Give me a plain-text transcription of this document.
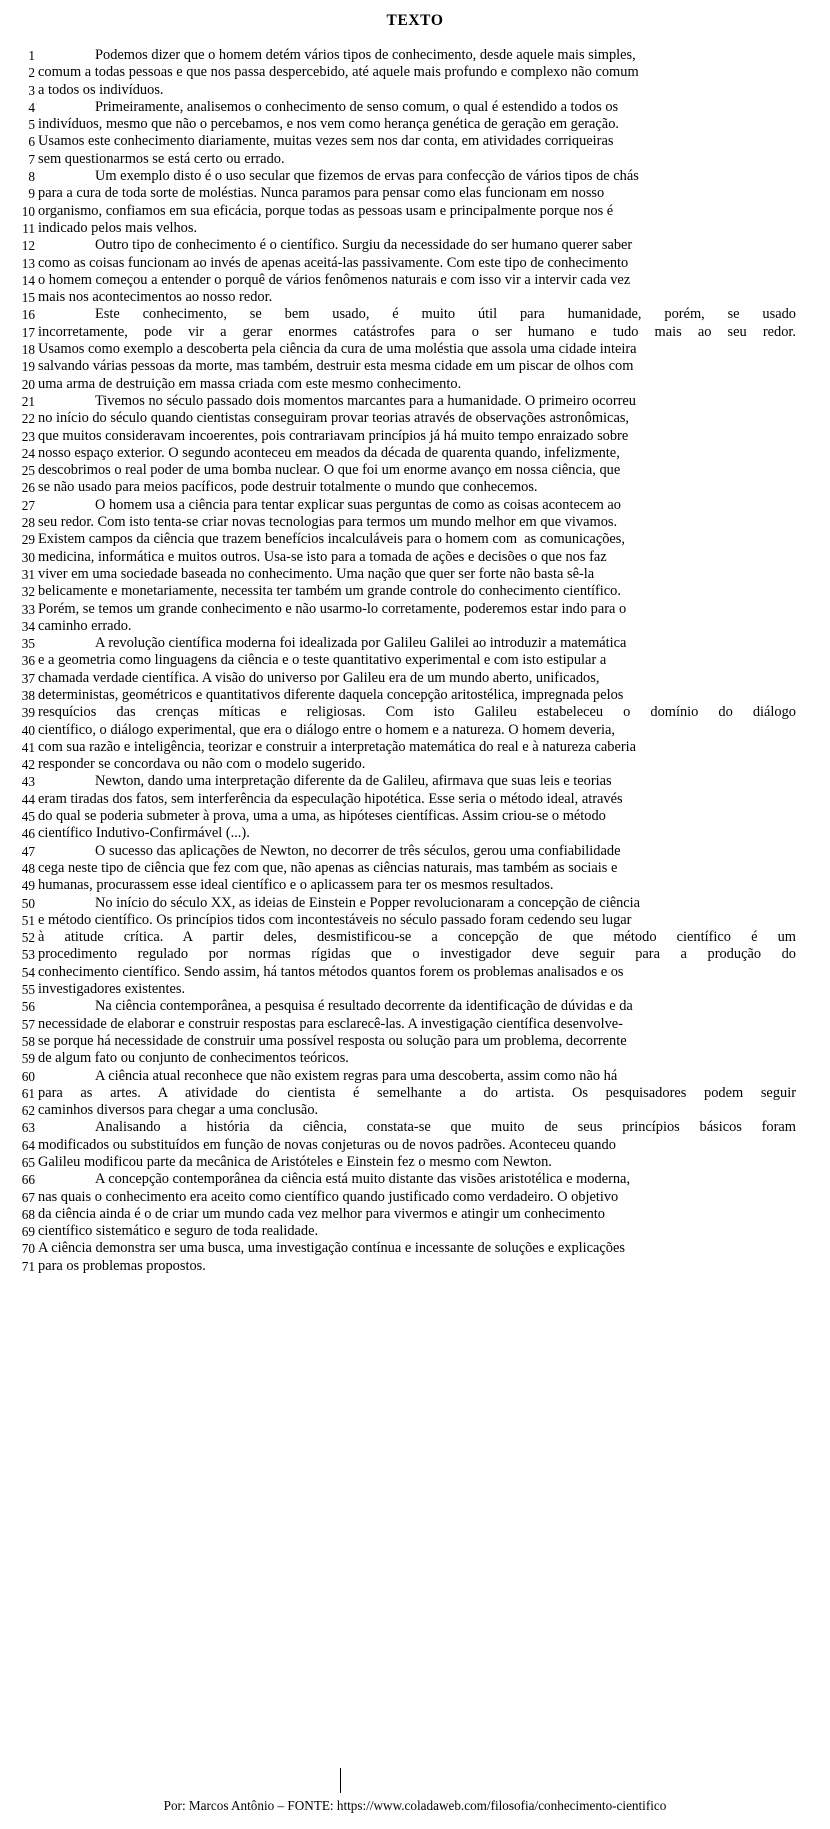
TEXTO
1	Podemos dizer que o homem detém vários tipos de conhecimento, desde aquele mais simples,
2 comum a todas pessoas e que nos passa despercebido, até aquele mais profundo e complexo não comum
3 a todos os indivíduos.
4	Primeiramente, analisemos o conhecimento de senso comum, o qual é estendido a todos os
5 indivíduos, mesmo que não o percebamos, e nos vem como herança genética de geração em geração.
6 Usamos este conhecimento diariamente, muitas vezes sem nos dar conta, em atividades corriqueiras
7 sem questionarmos se está certo ou errado.
8	Um exemplo disto é o uso secular que fizemos de ervas para confecção de vários tipos de chás
9 para a cura de toda sorte de moléstias. Nunca paramos para pensar como elas funcionam em nosso
10 organismo, confiamos em sua eficácia, porque todas as pessoas usam e principalmente porque nos é
11 indicado pelos mais velhos.
12	Outro tipo de conhecimento é o científico. Surgiu da necessidade do ser humano querer saber
13 como as coisas funcionam ao invés de apenas aceitá-las passivamente. Com este tipo de conhecimento
14 o homem começou a entender o porquê de vários fenômenos naturais e com isso vir a intervir cada vez
15 mais nos acontecimentos ao nosso redor.
16	Este conhecimento, se bem usado, é muito útil para humanidade, porém, se usado
17 incorretamente, pode vir a gerar enormes catástrofes para o ser humano e tudo mais ao seu redor.
18 Usamos como exemplo a descoberta pela ciência da cura de uma moléstia que assola uma cidade inteira
19 salvando várias pessoas da morte, mas também, destruir esta mesma cidade em um piscar de olhos com
20 uma arma de destruição em massa criada com este mesmo conhecimento.
21	Tivemos no século passado dois momentos marcantes para a humanidade. O primeiro ocorreu
22 no início do século quando cientistas conseguiram provar teorias através de observações astronômicas,
23 que muitos consideravam incoerentes, pois contrariavam princípios já há muito tempo enraizado sobre
24 nosso espaço exterior. O segundo aconteceu em meados da década de quarenta quando, infelizmente,
25 descobrimos o real poder de uma bomba nuclear. O que foi um enorme avanço em nossa ciência, que
26 se não usado para meios pacíficos, pode destruir totalmente o mundo que conhecemos.
27	O homem usa a ciência para tentar explicar suas perguntas de como as coisas acontecem ao
28 seu redor. Com isto tenta-se criar novas tecnologias para termos um mundo melhor em que vivamos.
29 Existem campos da ciência que trazem benefícios incalculáveis para o homem com  as comunicações,
30 medicina, informática e muitos outros. Usa-se isto para a tomada de ações e decisões o que nos faz
31 viver em uma sociedade baseada no conhecimento. Uma nação que quer ser forte não basta sê-la
32 belicamente e monetariamente, necessita ter também um grande controle do conhecimento científico.
33 Porém, se temos um grande conhecimento e não usarmo-lo corretamente, poderemos estar indo para o
34 caminho errado.
35	A revolução científica moderna foi idealizada por Galileu Galilei ao introduzir a matemática
36 e a geometria como linguagens da ciência e o teste quantitativo experimental e com isto estipular a
37 chamada verdade científica. A visão do universo por Galileu era de um mundo aberto, unificados,
38 deterministas, geométricos e quantitativos diferente daquela concepção aritostélica, impregnada pelos
39 resquícios das crenças míticas e religiosas. Com isto Galileu estabeleceu o domínio do diálogo
40 científico, o diálogo experimental, que era o diálogo entre o homem e a natureza. O homem deveria,
41 com sua razão e inteligência, teorizar e construir a interpretação matemática do real e à natureza caberia
42 responder se concordava ou não com o modelo sugerido.
43	Newton, dando uma interpretação diferente da de Galileu, afirmava que suas leis e teorias
44 eram tiradas dos fatos, sem interferência da especulação hipotética. Esse seria o método ideal, através
45 do qual se poderia submeter à prova, uma a uma, as hipóteses científicas. Assim criou-se o método
46 científico Indutivo-Confirmável (...).
47	O sucesso das aplicações de Newton, no decorrer de três séculos, gerou uma confiabilidade
48 cega neste tipo de ciência que fez com que, não apenas as ciências naturais, mas também as sociais e
49 humanas, procurassem esse ideal científico e o aplicassem para ter os mesmos resultados.
50	No início do século XX, as ideias de Einstein e Popper revolucionaram a concepção de ciência
51 e método científico. Os princípios tidos com incontestáveis no século passado foram cedendo seu lugar
52 à atitude crítica. A partir deles, desmistificou-se a concepção de que método científico é um
53 procedimento regulado por normas rígidas que o investigador deve seguir para a produção do
54 conhecimento científico. Sendo assim, há tantos métodos quantos forem os problemas analisados e os
55 investigadores existentes.
56	Na ciência contemporânea, a pesquisa é resultado decorrente da identificação de dúvidas e da
57 necessidade de elaborar e construir respostas para esclarecê-las. A investigação científica desenvolve-
58 se porque há necessidade de construir uma possível resposta ou solução para um problema, decorrente
59 de algum fato ou conjunto de conhecimentos teóricos.
60	A ciência atual reconhece que não existem regras para uma descoberta, assim como não há
61 para as artes. A atividade do cientista é semelhante a do artista. Os pesquisadores podem seguir
62 caminhos diversos para chegar a uma conclusão.
63	Analisando a história da ciência, constata-se que muito de seus princípios básicos foram
64 modificados ou substituídos em função de novas conjeturas ou de novos padrões. Aconteceu quando
65 Galileu modificou parte da mecânica de Aristóteles e Einstein fez o mesmo com Newton.
66	A concepção contemporânea da ciência está muito distante das visões aristotélica e moderna,
67 nas quais o conhecimento era aceito como científico quando justificado como verdadeiro. O objetivo
68 da ciência ainda é o de criar um mundo cada vez melhor para vivermos e atingir um conhecimento
69 científico sistemático e seguro de toda realidade.
70 A ciência demonstra ser uma busca, uma investigação contínua e incessante de soluções e explicações
71 para os problemas propostos.
Por: Marcos Antônio – FONTE: https://www.coladaweb.com/filosofia/conhecimento-cientifico
